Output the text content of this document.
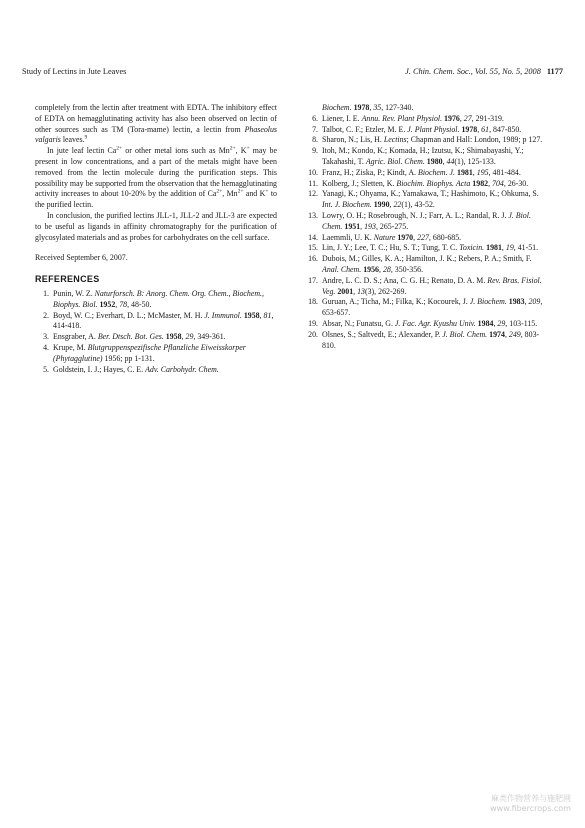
Study of Lectins in Jute Leaves	J. Chin. Chem. Soc., Vol. 55, No. 5, 2008 1177

completely from the lectin after treatment with EDTA. The inhibitory effect of EDTA on hemagglutinating activity has also been observed on lectin of other sources such as TM (Tora-mame) lectin, a lectin from Phaseolus valgaris leaves.$^9$

In jute leaf lectin $Ca^{2+}$ or other metal ions such as $Mn^{2+}$, K+ may be present in low concentrations, and a part of the metals might have been removed from the lectin molecule during the purification steps. This possibility may be supported from the observation that the hemagglutinating activity increases to about 10-20% by the addition of $Ca^{2+}$, $Mn^{2+}$ and K+ to the purified lectin.

In conclusion, the purified lectins JLL-1, JLL-2 and JLL-3 are expected to be useful as ligands in affinity chromatography for the purification of glycosylated materials and as probes for carbohydrates on the cell surface.

Received September 6, 2007.

REFERENCES
1. Punin, W. Z. Naturforsch. B: Anorg. Chem. Org. Chem., Biochem., Biophys. Biol. 1952, 78, 48-50.
2. Boyd, W. C.; Everhart, D. L.; McMaster, M. H. J. Immunol. 1958, 81, 414-418.
3. Ensgraber, A. Ber. Dtsch. Bot. Ges. 1958, 29, 349-361.
4. Krupe, M. Blutgruppenspezifische Pflanzliche Eiweisskorper (Phytagglutine) 1956; pp 1-131.
5. Goldstein, I. J.; Hayes, C. E. Adv. Carbohydr. Chem.
Biochem. 1978, 35, 127-340.
6. Liener, I. E. Annu. Rev. Plant Physiol. 1976, 27, 291-319.
7. Talbot, C. F.; Etzler, M. E. J. Plant Physiol. 1978, 61, 847-850.
8. Sharon, N.; Lis, H. Lectins; Chapman and Hall: London, 1989; p 127.
9. Itoh, M.; Kondo, K.; Komada, H.; Izutsu, K.; Shimabayashi, Y.; Takahashi, T. Agric. Biol. Chem. 1980, 44(1), 125-133.
10. Franz, H.; Ziska, P.; Kindt, A. Biochem. J. 1981, 195, 481-484.
11. Kolberg, J.; Sletten, K. Biochim. Biophys. Acta 1982, 704, 26-30.
12. Yanagi, K.; Ohyama, K.; Yamakawa, T.; Hashimoto, K.; Ohkuma, S. Int. J. Biochem. 1990, 22(1), 43-52.
13. Lowry, O. H.; Rosebrough, N. J.; Farr, A. L.; Randal, R. J. J. Biol. Chem. 1951, 193, 265-275.
14. Laemmli, U. K. Nature 1970, 227, 680-685.
15. Lin, J. Y.; Lee, T. C.; Hu, S. T.; Tung, T. C. Toxicin. 1981, 19, 41-51.
16. Dubois, M.; Gilles, K. A.; Hamilton, J. K.; Rebers, P. A.; Smith, F. Anal. Chem. 1956, 28, 350-356.
17. Andre, L. C. D. S.; Ana, C. G. H.; Renato, D. A. M. Rev. Bras. Fisiol. Veg. 2001, 13(3), 262-269.
18. Guruan, A.; Ticha, M.; Filka, K.; Kocourek, J. J. Biochem. 1983, 209, 653-657.
19. Absar, N.; Funatsu, G. J. Fac. Agr. Kyushu Univ. 1984, 29, 103-115.
20. Olsnes, S.; Saltvedt, E.; Alexander, P. J. Biol. Chem. 1974, 249, 803-810.
麻类作物营养与施肥网
www.fibercrops.com
